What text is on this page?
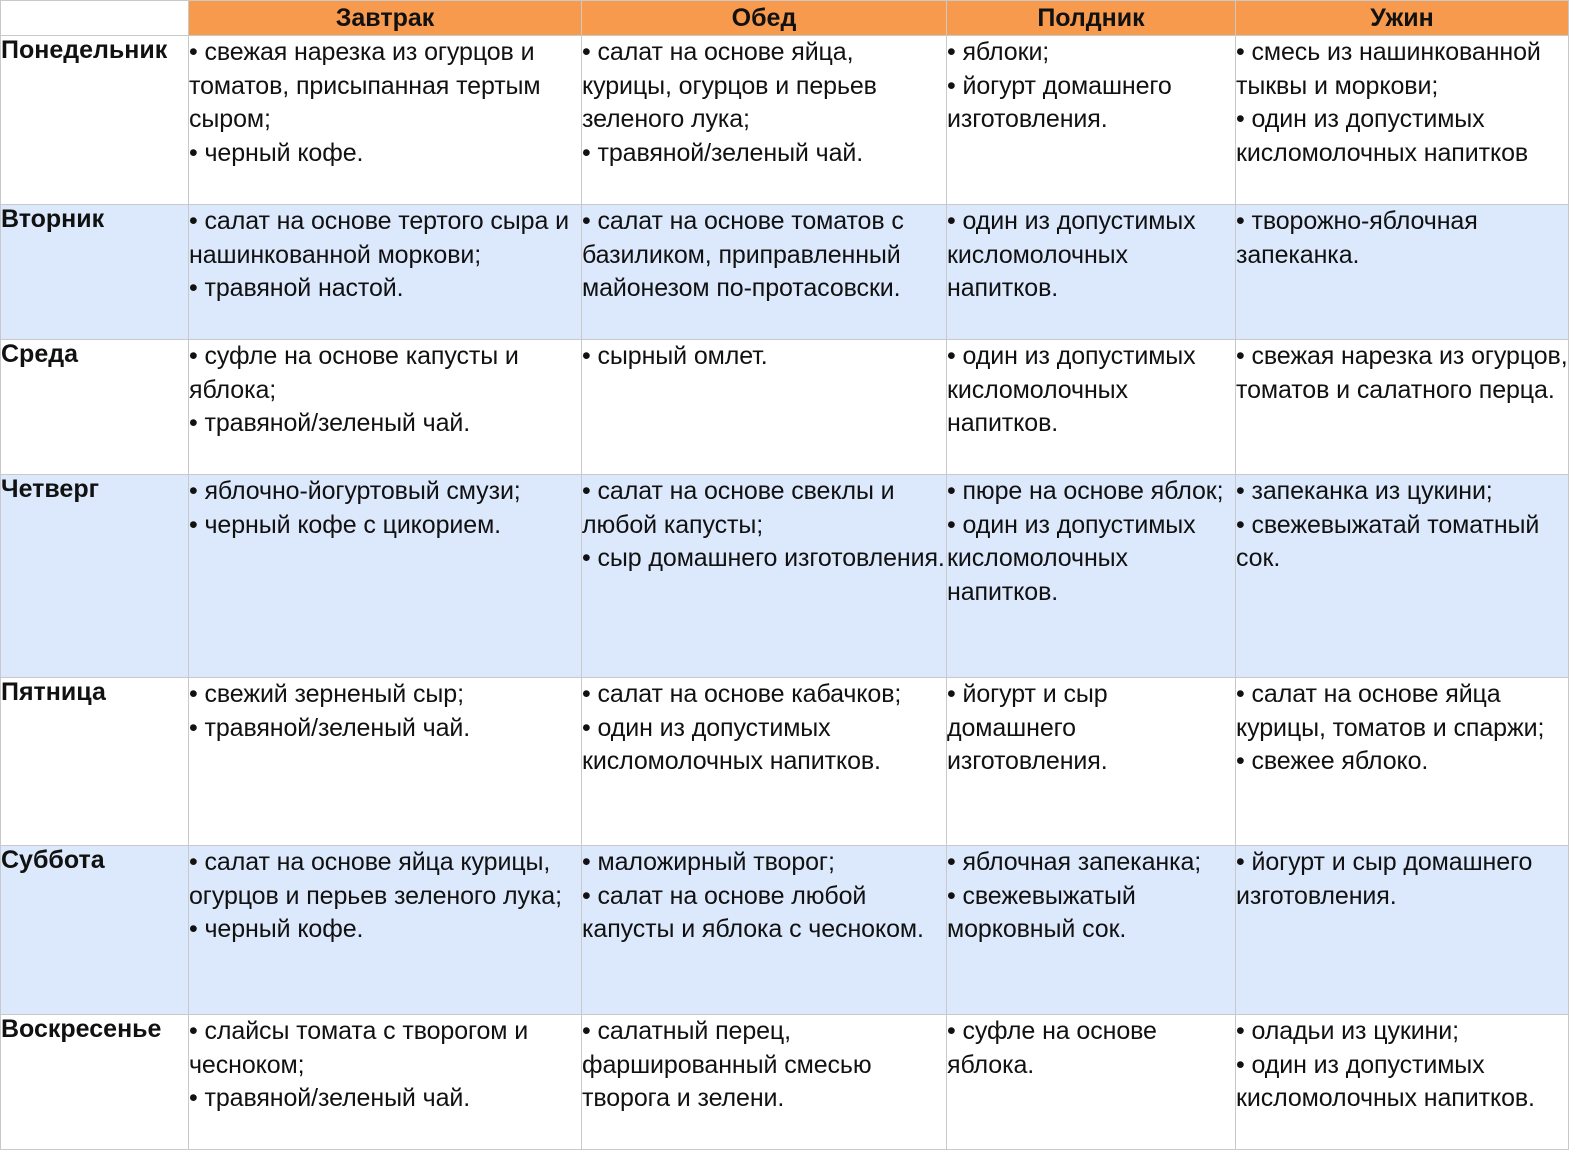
	Завтрак	Обед	Полдник	Ужин
Понедельник	• свежая нарезка из огурцов и томатов, присыпанная тертым сыром;
• черный кофе.	• салат на основе яйца, курицы, огурцов и перьев зеленого лука;
• травяной/зеленый чай.	• яблоки;
• йогурт домашнего изготовления.	• смесь из нашинкованной тыквы и моркови;
• один из допустимых кисломолочных напитков

Вторник	• салат на основе тертого сыра и нашинкованной моркови;
• травяной настой.	• салат на основе томатов с базиликом, приправленный майонезом по-протасовски.	• один из допустимых кисломолочных напитков.	• творожно-яблочная запеканка.

Среда	• суфле на основе капусты и яблока;
• травяной/зеленый чай.	• сырный омлет.	• один из допустимых кисломолочных напитков.	• свежая нарезка из огурцов, томатов и салатного перца.

Четверг	• яблочно-йогуртовый смузи;
• черный кофе с цикорием.	• салат на основе свеклы и любой капусты;
• сыр домашнего изготовления.	• пюре на основе яблок;
• один из допустимых кисломолочных напитков.	• запеканка из цукини;
• свежевыжатай томатный сок.

Пятница	• свежий зерненый сыр;
• травяной/зеленый чай.	• салат на основе кабачков;
• один из допустимых кисломолочных напитков.	• йогурт и сыр домашнего изготовления.	• салат на основе яйца курицы, томатов и спаржи;
• свежее яблоко.

Суббота	• салат на основе яйца курицы, огурцов и перьев зеленого лука;
• черный кофе.	• маложирный творог;
• салат на основе любой капусты и яблока с чесноком.	• яблочная запеканка;
• свежевыжатый морковный сок.	• йогурт и сыр домашнего изготовления.

Воскресенье	• слайсы томата с творогом и чесноком;
• травяной/зеленый чай.	• салатный перец, фаршированный смесью творога и зелени.	• суфле на основе яблока.	• оладьи из цукини;
• один из допустимых кисломолочных напитков.
